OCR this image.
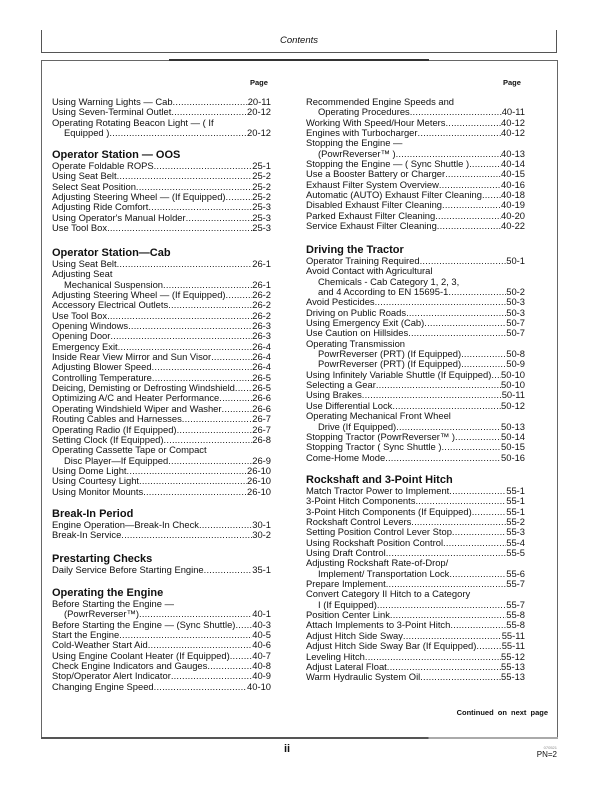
Contents
Page	Page
Using Warning Lights — Cab .....	20-11
Using Seven-Terminal Outlet .....	20-12
Operating Rotating Beacon Light — ( If
Equipped ) .....	20-12
Operator Station — OOS
Operate Foldable ROPS .....	25-1
Using Seat Belt .....	25-2
Select Seat Position .....	25-2
Adjusting Steering Wheel — (If Equipped) .....	25-2
Adjusting Ride Comfort .....	25-3
Using Operator's Manual Holder .....	25-3
Use Tool Box .....	25-3
Operator Station—Cab
Using Seat Belt .....	26-1
Adjusting Seat
Mechanical Suspension .....	26-1
Adjusting Steering Wheel — (If Equipped) .....	26-2
Accessory Electrical Outlets .....	26-2
Use Tool Box .....	26-2
Opening Windows .....	26-3
Opening Door .....	26-3
Emergency Exit .....	26-4
Inside Rear View Mirror and Sun Visor .....	26-4
Adjusting Blower Speed .....	26-4
Controlling Temperature .....	26-5
Deicing, Demisting or Defrosting Windshield ..... 26-5
Optimizing A/C and Heater Performance .....	26-6
Operating Windshield Wiper and Washer .....	26-6
Routing Cables and Harnesses .....	26-7
Operating Radio (If Equipped) .....	26-7
Setting Clock (If Equipped) .....	26-8
Operating Cassette Tape or Compact
Disc Player—If Equipped .....	26-9
Using Dome Light .....	26-10
Using Courtesy Light .....	26-10
Using Monitor Mounts .....	26-10
Break-In Period
Engine Operation—Break-In Check .....	30-1
Break-In Service .....	30-2
Prestarting Checks
Daily Service Before Starting Engine .....	35-1
Operating the Engine
Before Starting the Engine —
(PowrReverser™) .....	40-1
Before Starting the Engine — (Sync Shuttle) ..... 40-3
Start the Engine .....	40-5
Cold-Weather Start Aid .....	40-6
Using Engine Coolant Heater (If Equipped) ..... 40-7
Check Engine Indicators and Gauges .....	40-8
Stop/Operator Alert Indicator .....	40-9
Changing Engine Speed .....	40-10
Recommended Engine Speeds and
Operating Procedures .....	40-11
Working With Speed/Hour Meters .....	40-12
Engines with Turbocharger .....	40-12
Stopping the Engine —
(PowrReverser™ ) .....	40-13
Stopping the Engine — ( Sync Shuttle ) .....	40-14
Use a Booster Battery or Charger .....	40-15
Exhaust Filter System Overview .....	40-16
Automatic (AUTO) Exhaust Filter Cleaning ..... 40-18
Disabled Exhaust Filter Cleaning .....	40-19
Parked Exhaust Filter Cleaning .....	40-20
Service Exhaust Filter Cleaning .....	40-22
Driving the Tractor
Operator Training Required .....	50-1
Avoid Contact with Agricultural
Chemicals - Cab Category 1, 2, 3,
and 4 According to EN 15695-1 .....	50-2
Avoid Pesticides .....	50-3
Driving on Public Roads .....	50-3
Using Emergency Exit (Cab) .....	50-7
Use Caution on Hillsides .....	50-7
Operating Transmission
PowrReverser (PRT) (If Equipped) .....	50-8
PowrReverser (PRT) (If Equipped) .....	50-9
Using Infinitely Variable Shuttle (If Equipped) ..... 50-10
Selecting a Gear .....	50-10
Using Brakes .....	50-11
Use Differential Lock .....	50-12
Operating Mechanical Front Wheel
Drive (If Equipped) .....	50-13
Stopping Tractor (PowrReverser™ ) .....	50-14
Stopping Tractor ( Sync Shuttle ) .....	50-15
Come-Home Mode .....	50-16
Rockshaft and 3-Point Hitch
Match Tractor Power to Implement .....	55-1
3-Point Hitch Components .....	55-1
3-Point Hitch Components (If Equipped) .....	55-1
Rockshaft Control Levers .....	55-2
Setting Position Control Lever Stop .....	55-3
Using Rockshaft Position Control .....	55-4
Using Draft Control .....	55-5
Adjusting Rockshaft Rate-of-Drop/
Implement/ Transportation Lock .....	55-6
Prepare Implement .....	55-7
Convert Category II Hitch to a Category
I (If Equipped) .....	55-7
Position Center Link .....	55-8
Attach Implements to 3-Point Hitch .....	55-8
Adjust Hitch Side Sway .....	55-11
Adjust Hitch Side Sway Bar (If Equipped) .....	55-11
Leveling Hitch .....	55-12
Adjust Lateral Float .....	55-13
Warm Hydraulic System Oil .....	55-13
Continued on next page
ii	070521
PN=2
